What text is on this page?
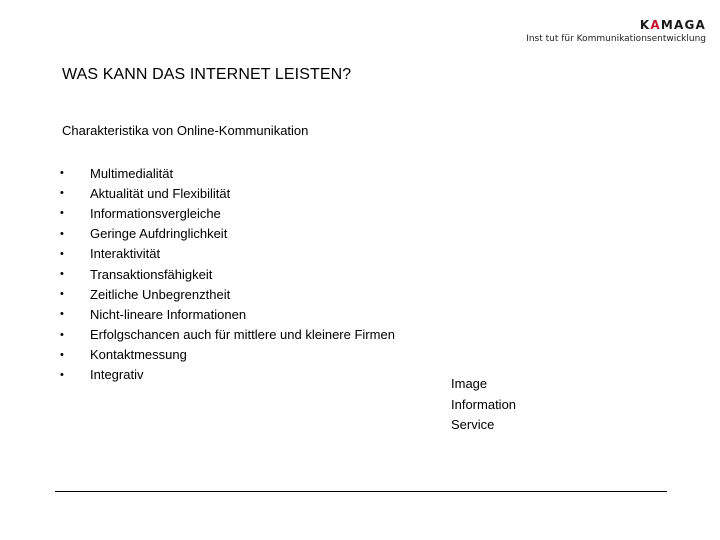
KAMAGA
Inst tut für Kommunikationsentwicklung
WAS KANN DAS INTERNET LEISTEN?

Charakteristika von Online-Kommunikation

•	Multimedialität
•	Aktualität und Flexibilität
•	Informationsvergleiche
•	Geringe Aufdringlichkeit
•	Interaktivität
•	Transaktionsfähigkeit
•	Zeitliche Unbegrenztheit
•	Nicht-lineare Informationen
•	Erfolgschancen auch für mittlere und kleinere Firmen
•	Kontaktmessung
•	Integrativ
Image
Information
Service
